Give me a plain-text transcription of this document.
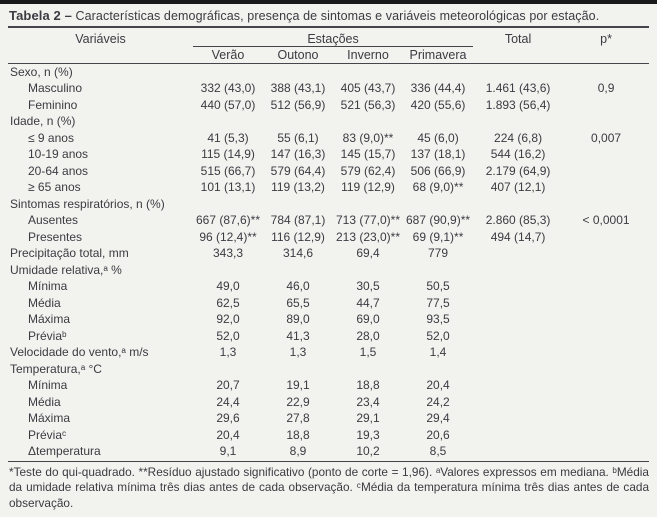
Tabela 2 – Características demográficas, presença de sintomas e variáveis meteorológicas por estação.
Variáveis	Estações				Total	p*
	Verão	Outono	Inverno	Primavera		
Sexo, n (%)						
Masculino	332 (43,0)	388 (43,1)	405 (43,7)	336 (44,4)	1.461 (43,6)	0,9
Feminino	440 (57,0)	512 (56,9)	521 (56,3)	420 (55,6)	1.893 (56,4)	
Idade, n (%)						
≤ 9 anos	41 (5,3)	55 (6,1)	83 (9,0)**	45 (6,0)	224 (6,8)	0,007
10-19 anos	115 (14,9)	147 (16,3)	145 (15,7)	137 (18,1)	544 (16,2)	
20-64 anos	515 (66,7)	579 (64,4)	579 (62,4)	506 (66,9)	2.179 (64,9)	
≥ 65 anos	101 (13,1)	119 (13,2)	119 (12,9)	68 (9,0)**	407 (12,1)	
Sintomas respiratórios, n (%)						
Ausentes	667 (87,6)**	784 (87,1)	713 (77,0)**	687 (90,9)**	2.860 (85,3)	< 0,0001
Presentes	96 (12,4)**	116 (12,9)	213 (23,0)**	69 (9,1)**	494 (14,7)	
Precipitação total, mm	343,3	314,6	69,4	779		
Umidade relativa,ᵃ %						
Mínima	49,0	46,0	30,5	50,5		
Média	62,5	65,5	44,7	77,5		
Máxima	92,0	89,0	69,0	93,5		
Préviaᵇ	52,0	41,3	28,0	52,0		
Velocidade do vento,ᵃ m/s	1,3	1,3	1,5	1,4		
Temperatura,ᵃ °C						
Mínima	20,7	19,1	18,8	20,4		
Média	24,4	22,9	23,4	24,2		
Máxima	29,6	27,8	29,1	29,4		
Préviaᶜ	20,4	18,8	19,3	20,6		
Δtemperatura	9,1	8,9	10,2	8,5		
*Teste do qui-quadrado. **Resíduo ajustado significativo (ponto de corte = 1,96). ᵃValores expressos em mediana. ᵇMédia da umidade relativa mínima três dias antes de cada observação. ᶜMédia da temperatura mínima três dias antes de cada observação.
